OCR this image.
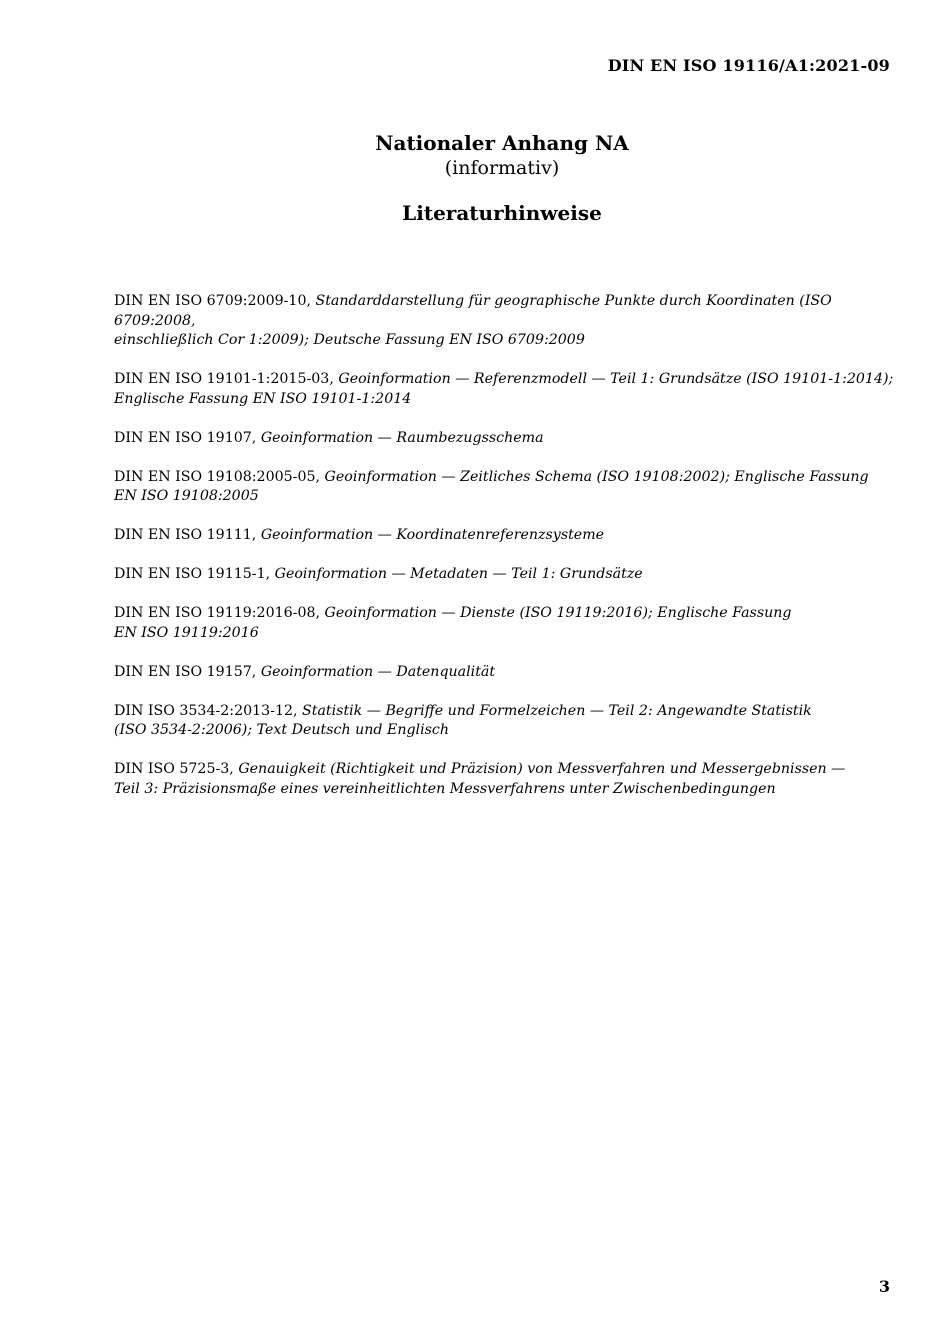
DIN EN ISO 19116/A1:2021-09
Nationaler Anhang NA
(informativ)
Literaturhinweise
DIN EN ISO 6709:2009-10, Standarddarstellung für geographische Punkte durch Koordinaten (ISO 6709:2008,
einschließlich Cor 1:2009); Deutsche Fassung EN ISO 6709:2009
DIN EN ISO 19101-1:2015-03, Geoinformation — Referenzmodell — Teil 1: Grundsätze (ISO 19101-1:2014);
Englische Fassung EN ISO 19101-1:2014
DIN EN ISO 19107, Geoinformation — Raumbezugsschema
DIN EN ISO 19108:2005-05, Geoinformation — Zeitliches Schema (ISO 19108:2002); Englische Fassung
EN ISO 19108:2005
DIN EN ISO 19111, Geoinformation — Koordinatenreferenzsysteme
DIN EN ISO 19115-1, Geoinformation — Metadaten — Teil 1: Grundsätze
DIN EN ISO 19119:2016-08, Geoinformation — Dienste (ISO 19119:2016); Englische Fassung
EN ISO 19119:2016
DIN EN ISO 19157, Geoinformation — Datenqualität
DIN ISO 3534-2:2013-12, Statistik — Begriffe und Formelzeichen — Teil 2: Angewandte Statistik
(ISO 3534-2:2006); Text Deutsch und Englisch
DIN ISO 5725-3, Genauigkeit (Richtigkeit und Präzision) von Messverfahren und Messergebnissen —
Teil 3: Präzisionsmaße eines vereinheitlichten Messverfahrens unter Zwischenbedingungen
3
